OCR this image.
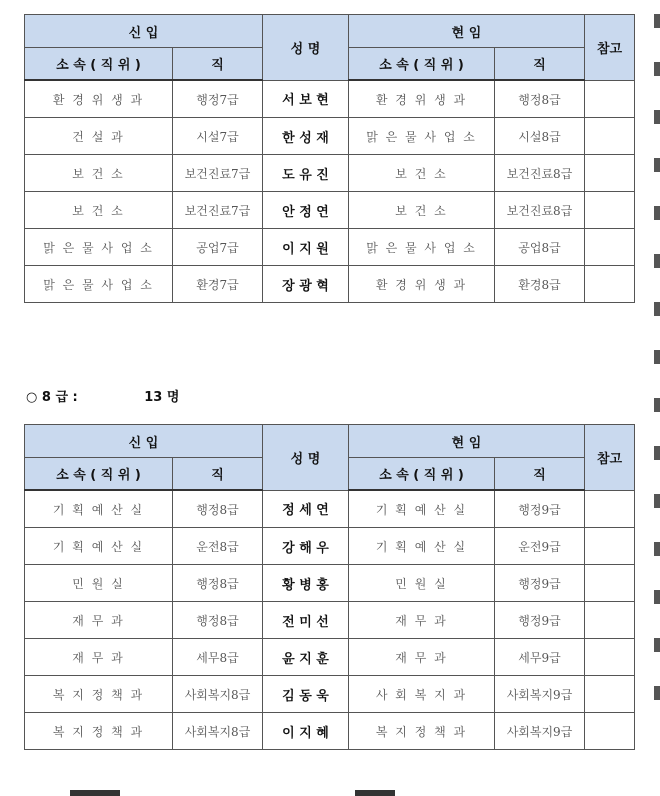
신 입		성 명	현 임		참고
소 속 ( 직 위 )	직		소 속 ( 직 위 )	직	
환 경 위 생 과	행정7급	서 보 현	환 경 위 생 과	행정8급	
건 설 과	시설7급	한 성 재	맑 은 물 사 업 소	시설8급	
보 건 소	보건진료7급	도 유 진	보 건 소	보건진료8급	
보 건 소	보건진료7급	안 정 연	보 건 소	보건진료8급	
맑 은 물 사 업 소	공업7급	이 지 원	맑 은 물 사 업 소	공업8급	
맑 은 물 사 업 소	환경7급	장 광 혁	환 경 위 생 과	환경8급	
○ 8 급 :	13 명
신 입		성 명	현 임		참고
소 속 ( 직 위 )	직		소 속 ( 직 위 )	직	
기 획 예 산 실	행정8급	정 세 연	기 획 예 산 실	행정9급	
기 획 예 산 실	운전8급	강 해 우	기 획 예 산 실	운전9급	
민 원 실	행정8급	황 병 홍	민 원 실	행정9급	
재 무 과	행정8급	전 미 선	재 무 과	행정9급	
재 무 과	세무8급	윤 지 훈	재 무 과	세무9급	
복 지 정 책 과	사회복지8급	김 동 욱	사 회 복 지 과	사회복지9급	
복 지 정 책 과	사회복지8급	이 지 혜	복 지 정 책 과	사회복지9급	
